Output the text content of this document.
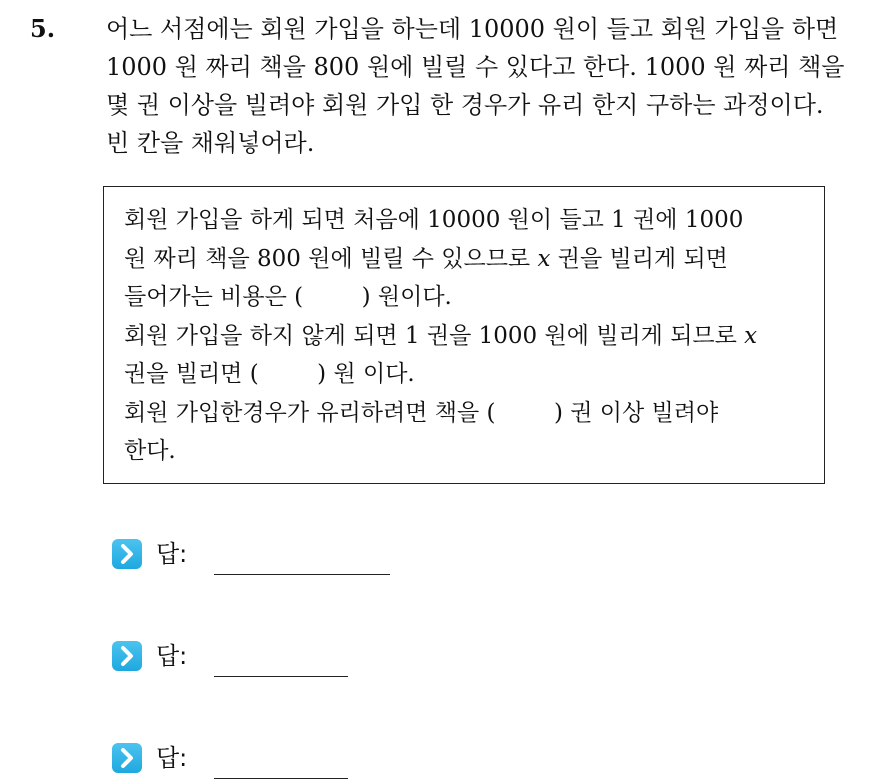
5. 어느 서점에는 회원 가입을 하는데 10000 원이 들고 회원 가입을 하면
1000 원 짜리 책을 800 원에 빌릴 수 있다고 한다. 1000 원 짜리 책을
몇 권 이상을 빌려야 회원 가입 한 경우가 유리 한지 구하는 과정이다.
빈 칸을 채워넣어라.
회원 가입을 하게 되면 처음에 10000 원이 들고 1 권에 1000
원 짜리 책을 800 원에 빌릴 수 있으므로 x 권을 빌리게 되면
들어가는 비용은 (        ) 원이다.
회원 가입을 하지 않게 되면 1 권을 1000 원에 빌리게 되므로 x
권을 빌리면 (        ) 원 이다.
회원 가입한경우가 유리하려면 책을 (        ) 권 이상 빌려야
한다.
답:
답:
답:
